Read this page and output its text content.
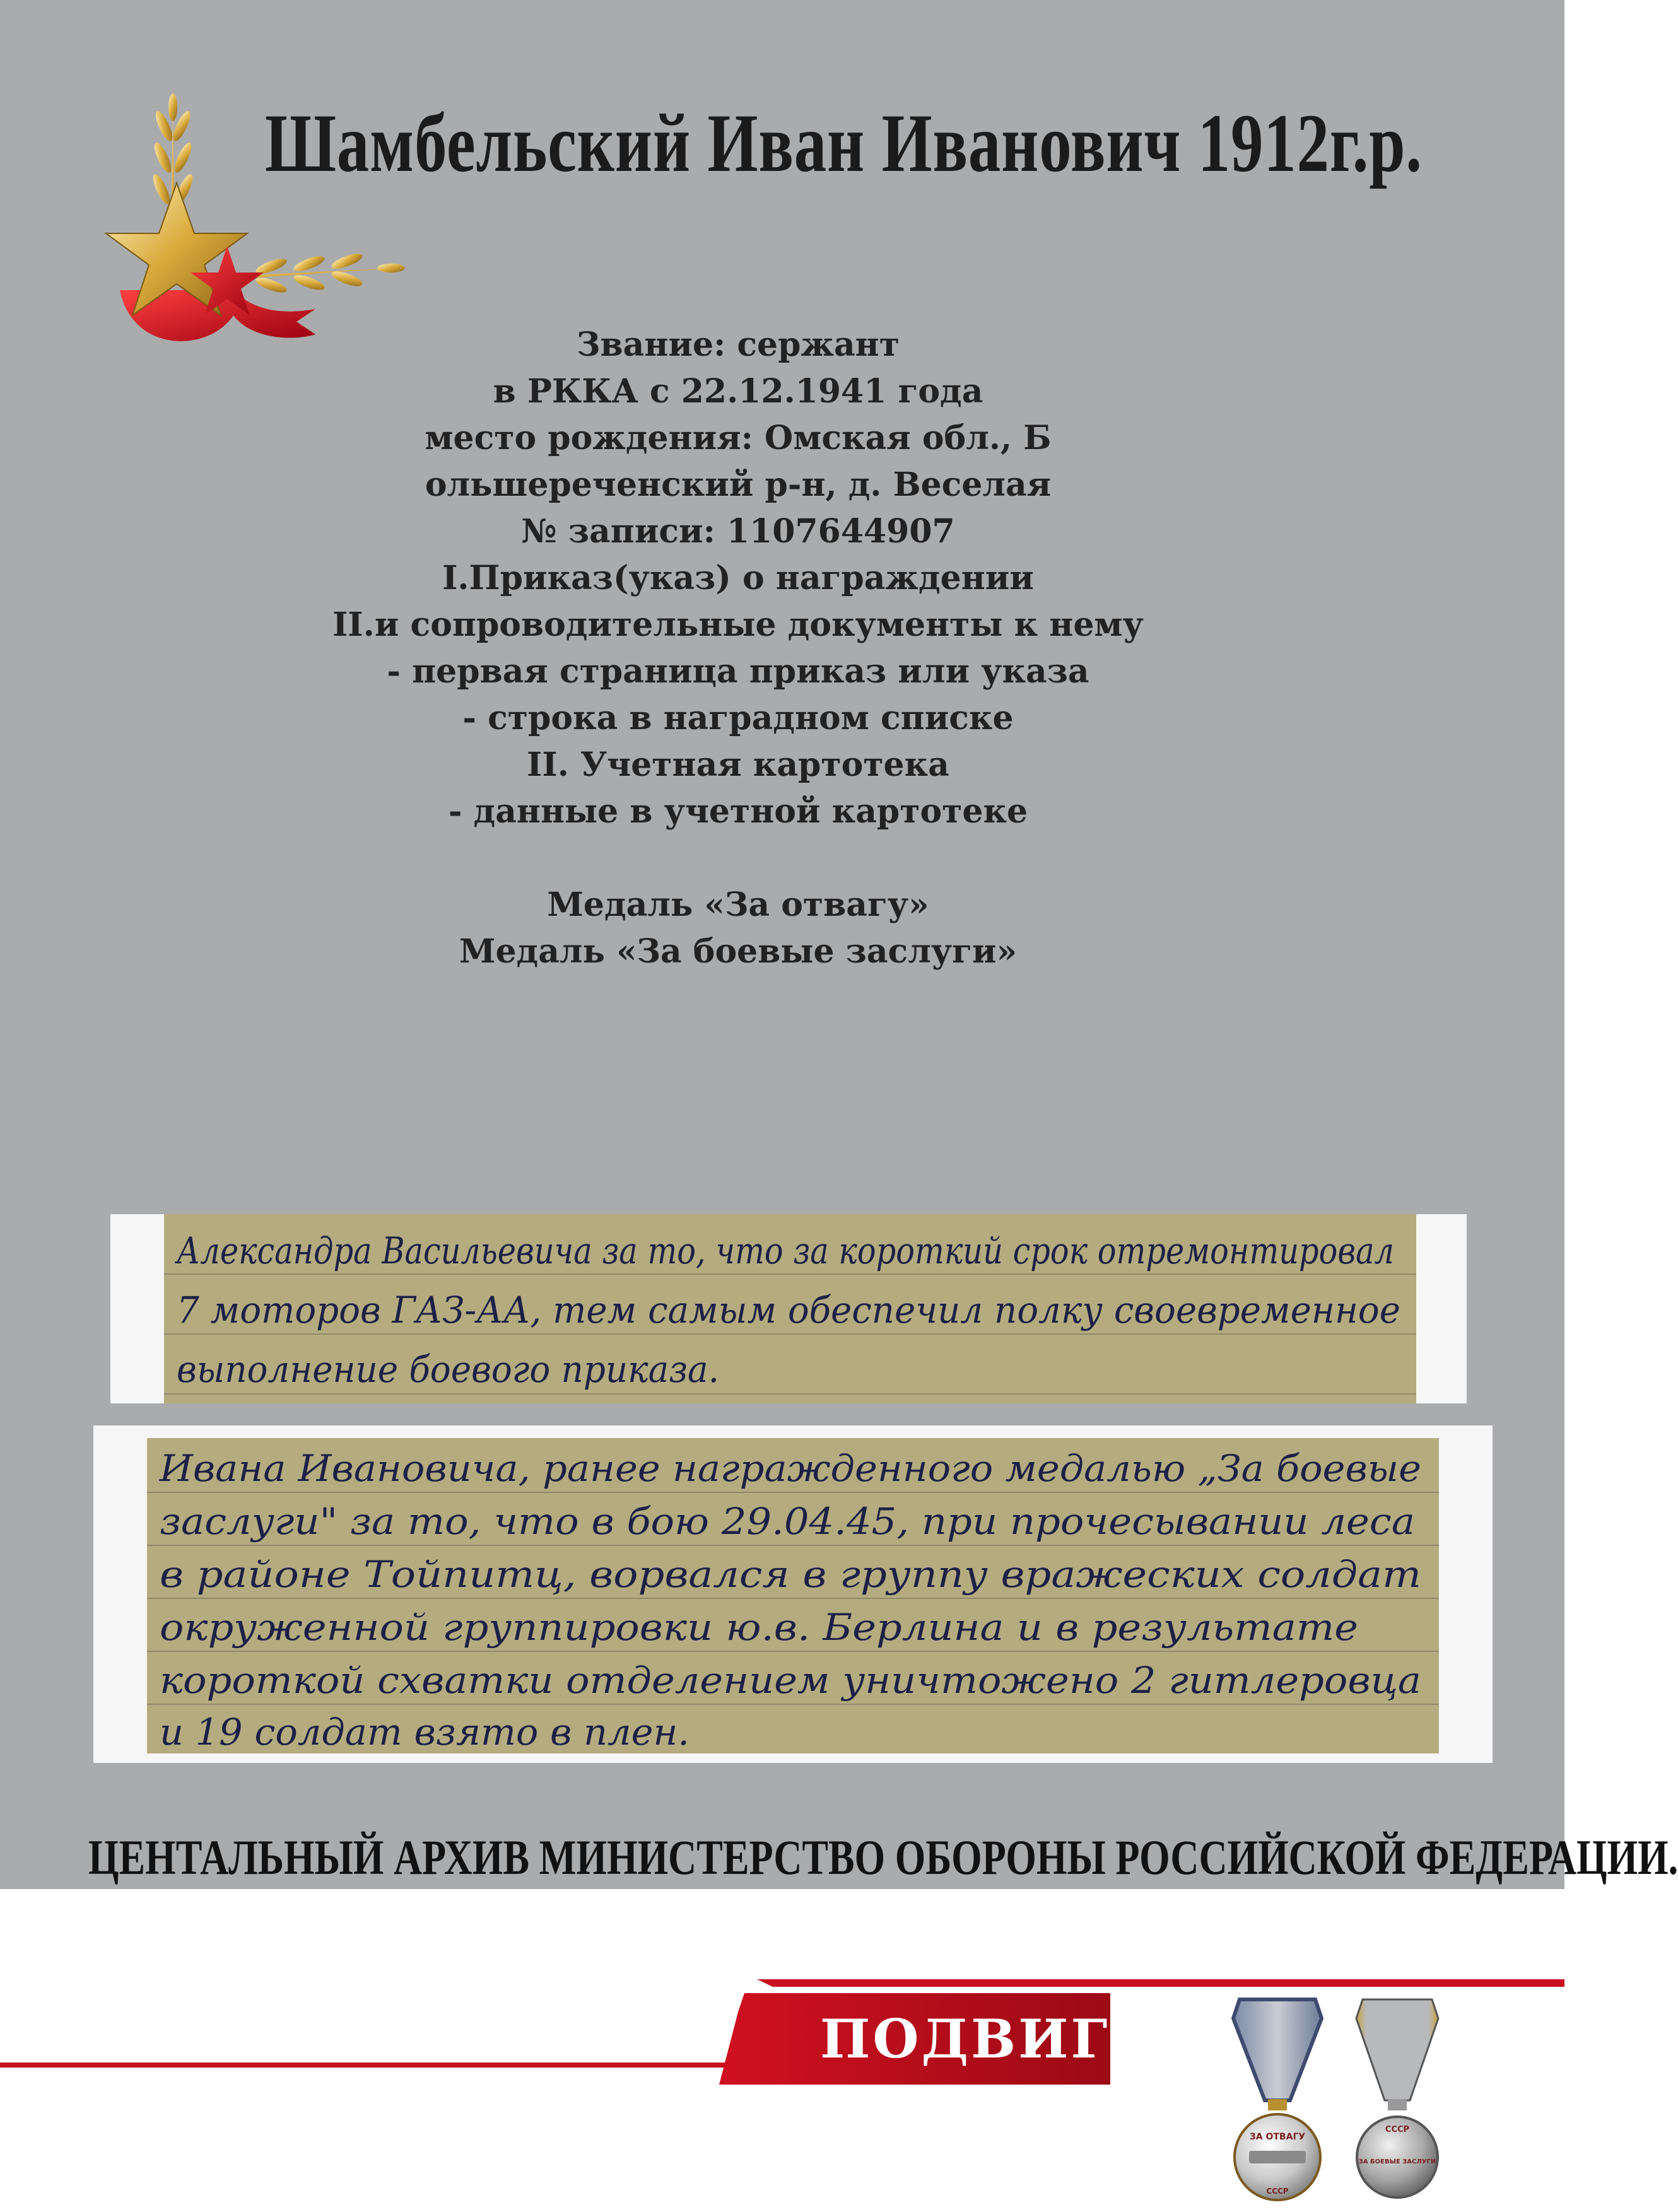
Шамбельский Иван Иванович 1912г.р.
Звание: сержант
в РККА с 22.12.1941 года
место рождения: Омская обл., Б
ольшереченский р-н, д. Веселая
№ записи: 1107644907
I.Приказ(указ) о награждении
II.и сопроводительные документы к нему
- первая страница приказ или указа
- строка в наградном списке
II. Учетная картотека
- данные в учетной картотеке
Медаль «За отвагу»
Медаль «За боевые заслуги»
Александра Васильевича за то, что за короткий срок отремонтировал
7 моторов ГАЗ-АА, тем самым обеспечил полку своевременное
выполнение боевого приказа.
Ивана Ивановича, ранее награжденного медалью „За боевые
заслуги" за то, что в бою 29.04.45, при прочесывании леса
в районе Тойпитц, ворвался в группу вражеских солдат
окруженной группировки ю.в. Берлина и в результате
короткой схватки отделением уничтожено 2 гитлеровца
и 19 солдат взято в плен.
ЦЕНТАЛЬНЫЙ АРХИВ МИНИСТЕРСТВО ОБОРОНЫ РОССИЙСКОЙ ФЕДЕРАЦИИ.
ПОДВИГ
ЗА ОТВАГУ
СССР
СССР
ЗА БОЕВЫЕ ЗАСЛУГИ
